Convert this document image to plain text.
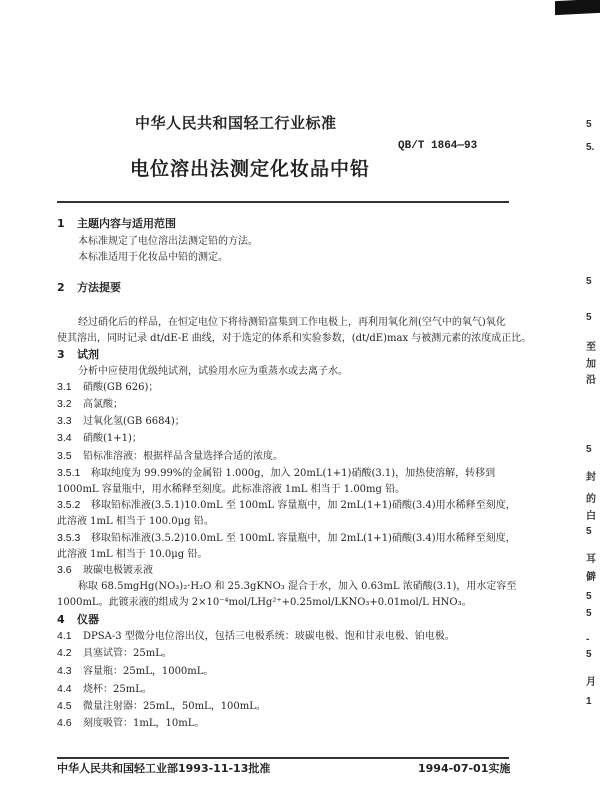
中华人民共和国轻工行业标准
QB/T 1864—93
电位溶出法测定化妆品中铅
1 主题内容与适用范围
本标准规定了电位溶出法测定铅的方法。
本标准适用于化妆品中铅的测定。
2 方法提要
经过硝化后的样品，在恒定电位下将待测铅富集到工作电极上，再利用氧化剂(空气中的氧气)氧化
使其溶出，同时记录 dt/dE-E 曲线，对于选定的体系和实验参数，(dt/dE)max 与被测元素的浓度成正比。
3 试剂
分析中应使用优级纯试剂，试验用水应为重蒸水或去离子水。
3.1 硝酸(GB 626)；
3.2 高氯酸；
3.3 过氧化氢(GB 6684)；
3.4 硝酸(1+1)；
3.5 铅标准溶液：根据样品含量选择合适的浓度。
3.5.1 称取纯度为 99.99%的金属铅 1.000g，加入 20mL(1+1)硝酸(3.1)，加热使溶解，转移到
1000mL 容量瓶中，用水稀释至刻度。此标准溶液 1mL 相当于 1.00mg 铅。
3.5.2 移取铅标准液(3.5.1)10.0mL 至 100mL 容量瓶中，加 2mL(1+1)硝酸(3.4)用水稀释至刻度，
此溶液 1mL 相当于 100.0μg 铅。
3.5.3 移取铅标准液(3.5.2)10.0mL 至 100mL 容量瓶中，加 2mL(1+1)硝酸(3.4)用水稀释至刻度，
此溶液 1mL 相当于 10.0μg 铅。
3.6 玻碳电极镀汞液
称取 68.5mgHg(NO₃)₂·H₂O 和 25.3gKNO₃ 混合于水，加入 0.63mL 浓硝酸(3.1)，用水定容至
1000mL。此镀汞液的组成为 2×10⁻⁴mol/LHg²⁺+0.25mol/LKNO₃+0.01mol/L HNO₃。
4 仪器
4.1 DPSA-3 型微分电位溶出仪，包括三电极系统：玻碳电极、饱和甘汞电极、铂电极。
4.2 具塞试管：25mL。
4.3 容量瓶：25mL，1000mL。
4.4 烧杯：25mL。
4.5 微量注射器：25mL，50mL，100mL。
4.6 刻度吸管：1mL，10mL。
中华人民共和国轻工业部1993-11-13批准	1994-07-01实施
5
5.
5
5
至
加
沿
5
封
的
白
5
耳
僻
5
5
-
5
月
1
